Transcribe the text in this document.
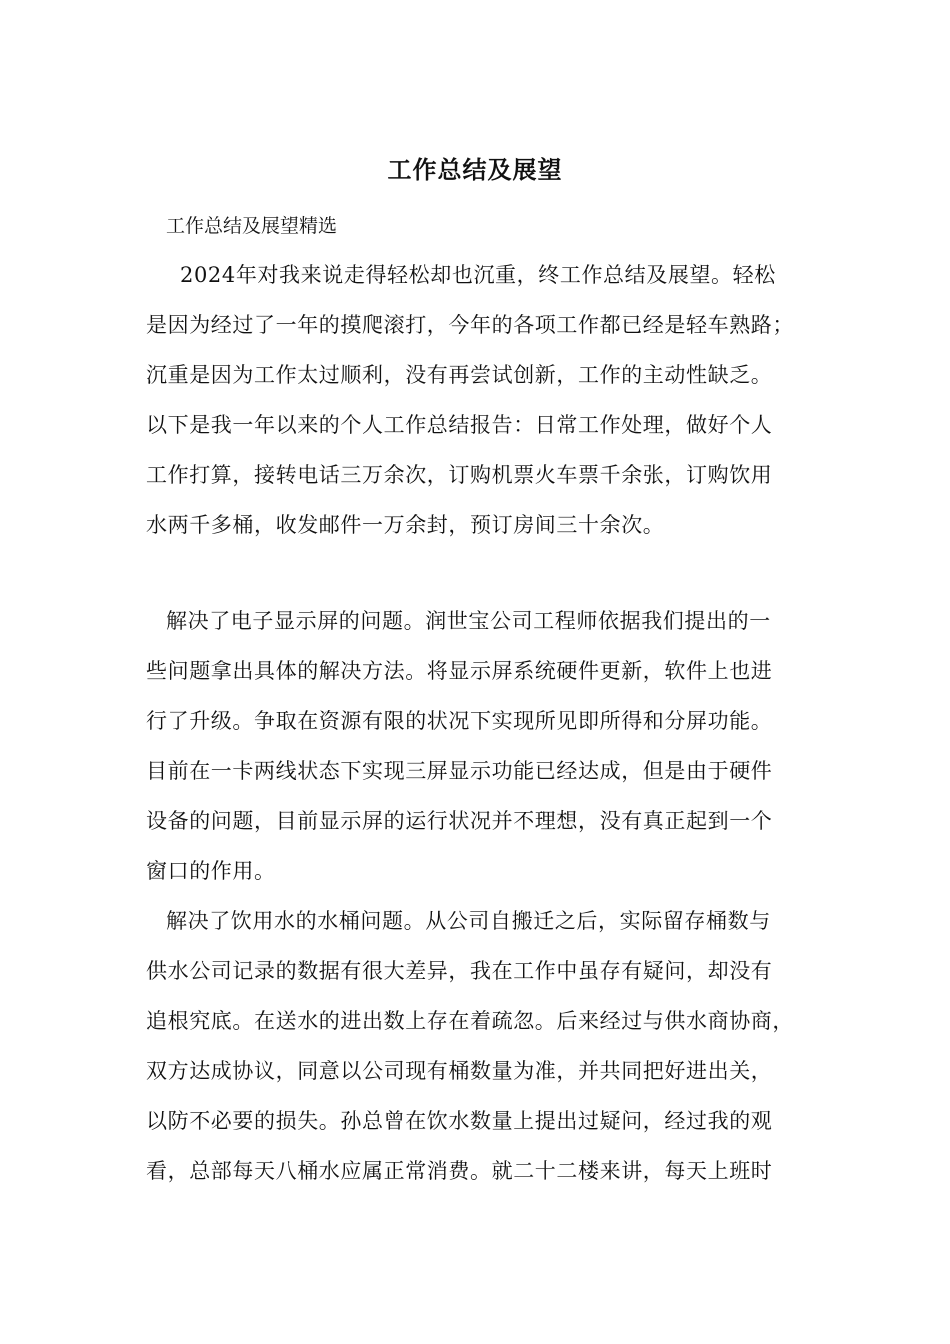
工作总结及展望
工作总结及展望精选
2024年对我来说走得轻松却也沉重，终工作总结及展望。轻松
是因为经过了一年的摸爬滚打，今年的各项工作都已经是轻车熟路；
沉重是因为工作太过顺利，没有再尝试创新，工作的主动性缺乏。
以下是我一年以来的个人工作总结报告：日常工作处理，做好个人
工作打算，接转电话三万余次，订购机票火车票千余张，订购饮用
水两千多桶，收发邮件一万余封，预订房间三十余次。
解决了电子显示屏的问题。润世宝公司工程师依据我们提出的一
些问题拿出具体的解决方法。将显示屏系统硬件更新，软件上也进
行了升级。争取在资源有限的状况下实现所见即所得和分屏功能。
目前在一卡两线状态下实现三屏显示功能已经达成，但是由于硬件
设备的问题，目前显示屏的运行状况并不理想，没有真正起到一个
窗口的作用。
解决了饮用水的水桶问题。从公司自搬迁之后，实际留存桶数与
供水公司记录的数据有很大差异，我在工作中虽存有疑问，却没有
追根究底。在送水的进出数上存在着疏忽。后来经过与供水商协商，
双方达成协议，同意以公司现有桶数量为准，并共同把好进出关，
以防不必要的损失。孙总曾在饮水数量上提出过疑问，经过我的观
看，总部每天八桶水应属正常消费。就二十二楼来讲，每天上班时
